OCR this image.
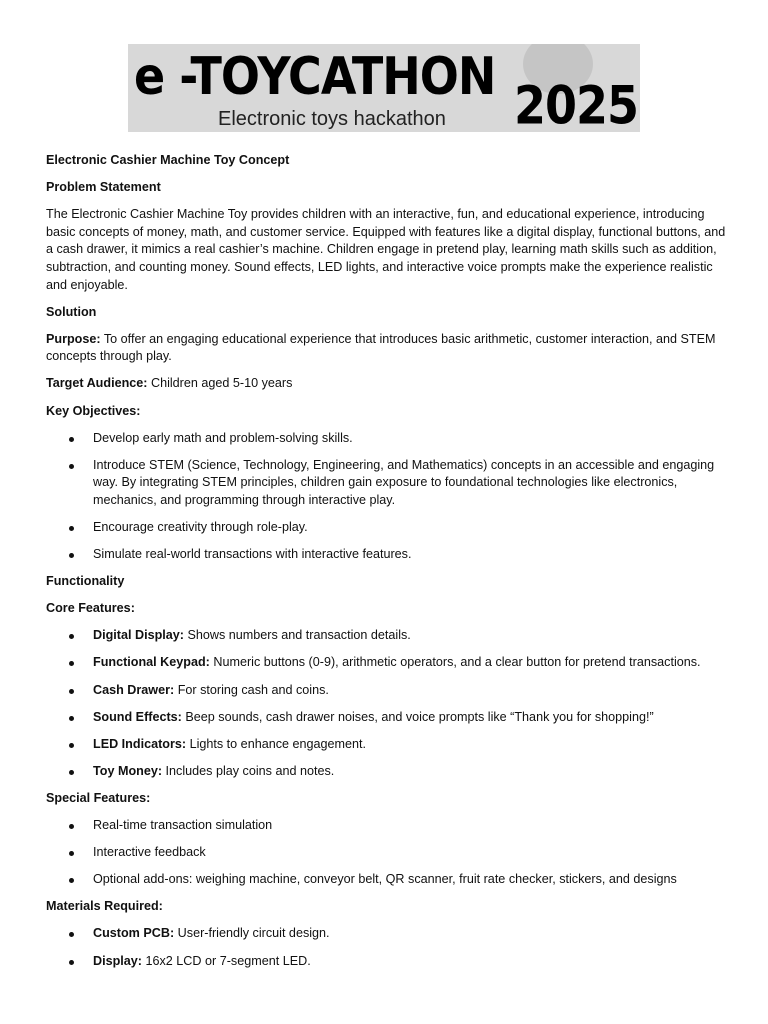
e -TOYCATHON 2025
Electronic toys hackathon

Electronic Cashier Machine Toy Concept

Problem Statement

The Electronic Cashier Machine Toy provides children with an interactive, fun, and educational experience, introducing basic concepts of money, math, and customer service. Equipped with features like a digital display, functional buttons, and a cash drawer, it mimics a real cashier’s machine. Children engage in pretend play, learning math skills such as addition, subtraction, and counting money. Sound effects, LED lights, and interactive voice prompts make the experience realistic and enjoyable.

Solution

Purpose: To offer an engaging educational experience that introduces basic arithmetic, customer interaction, and STEM concepts through play.

Target Audience: Children aged 5-10 years

Key Objectives:

Develop early math and problem-solving skills.
Introduce STEM (Science, Technology, Engineering, and Mathematics) concepts in an accessible and engaging way. By integrating STEM principles, children gain exposure to foundational technologies like electronics, mechanics, and programming through interactive play.
Encourage creativity through role-play.
Simulate real-world transactions with interactive features.

Functionality

Core Features:

Digital Display: Shows numbers and transaction details.
Functional Keypad: Numeric buttons (0-9), arithmetic operators, and a clear button for pretend transactions.
Cash Drawer: For storing cash and coins.
Sound Effects: Beep sounds, cash drawer noises, and voice prompts like “Thank you for shopping!”
LED Indicators: Lights to enhance engagement.
Toy Money: Includes play coins and notes.

Special Features:

Real-time transaction simulation
Interactive feedback
Optional add-ons: weighing machine, conveyor belt, QR scanner, fruit rate checker, stickers, and designs

Materials Required:

Custom PCB: User-friendly circuit design.
Display: 16x2 LCD or 7-segment LED.
